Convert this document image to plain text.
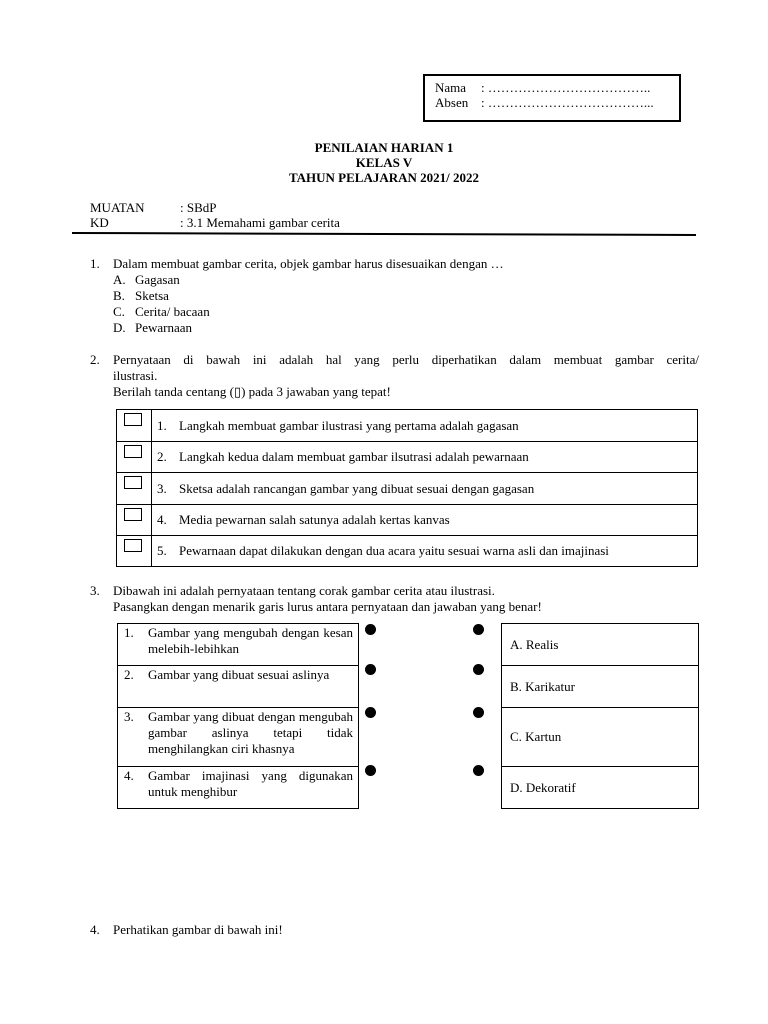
Nama	: ………………………………..
Absen : ………………………………...
PENILAIAN HARIAN 1
KELAS V
TAHUN PELAJARAN 2021/ 2022
MUATAN	: SBdP
KD	: 3.1 Memahami gambar cerita
1. Dalam membuat gambar cerita, objek gambar harus disesuaikan dengan …
A. Gagasan
B. Sketsa
C. Cerita/ bacaan
D. Pewarnaan
2. Pernyataan di bawah ini adalah hal yang perlu diperhatikan dalam membuat gambar cerita/
ilustrasi.
Berilah tanda centang (▯) pada 3 jawaban yang tepat!
	1. Langkah membuat gambar ilustrasi yang pertama adalah gagasan

	2. Langkah kedua dalam membuat gambar ilsutrasi adalah pewarnaan

	3. Sketsa adalah rancangan gambar yang dibuat sesuai dengan gagasan

	4. Media pewarnan salah satunya adalah kertas kanvas

	5. Pewarnaan dapat dilakukan dengan dua acara yaitu sesuai warna asli dan imajinasi
3. Dibawah ini adalah pernyataan tentang corak gambar cerita atau ilustrasi.
Pasangkan dengan menarik garis lurus antara pernyataan dan jawaban yang benar!
1.	Gambar yang mengubah dengan kesan melebih-lebihkan
2.	Gambar yang dibuat sesuai aslinya
3.	Gambar yang dibuat dengan mengubah gambar aslinya tetapi tidak menghilangkan ciri khasnya
4.	Gambar imajinasi yang digunakan untuk menghibur
A. Realis
B. Karikatur
C. Kartun
D. Dekoratif
4. Perhatikan gambar di bawah ini!
